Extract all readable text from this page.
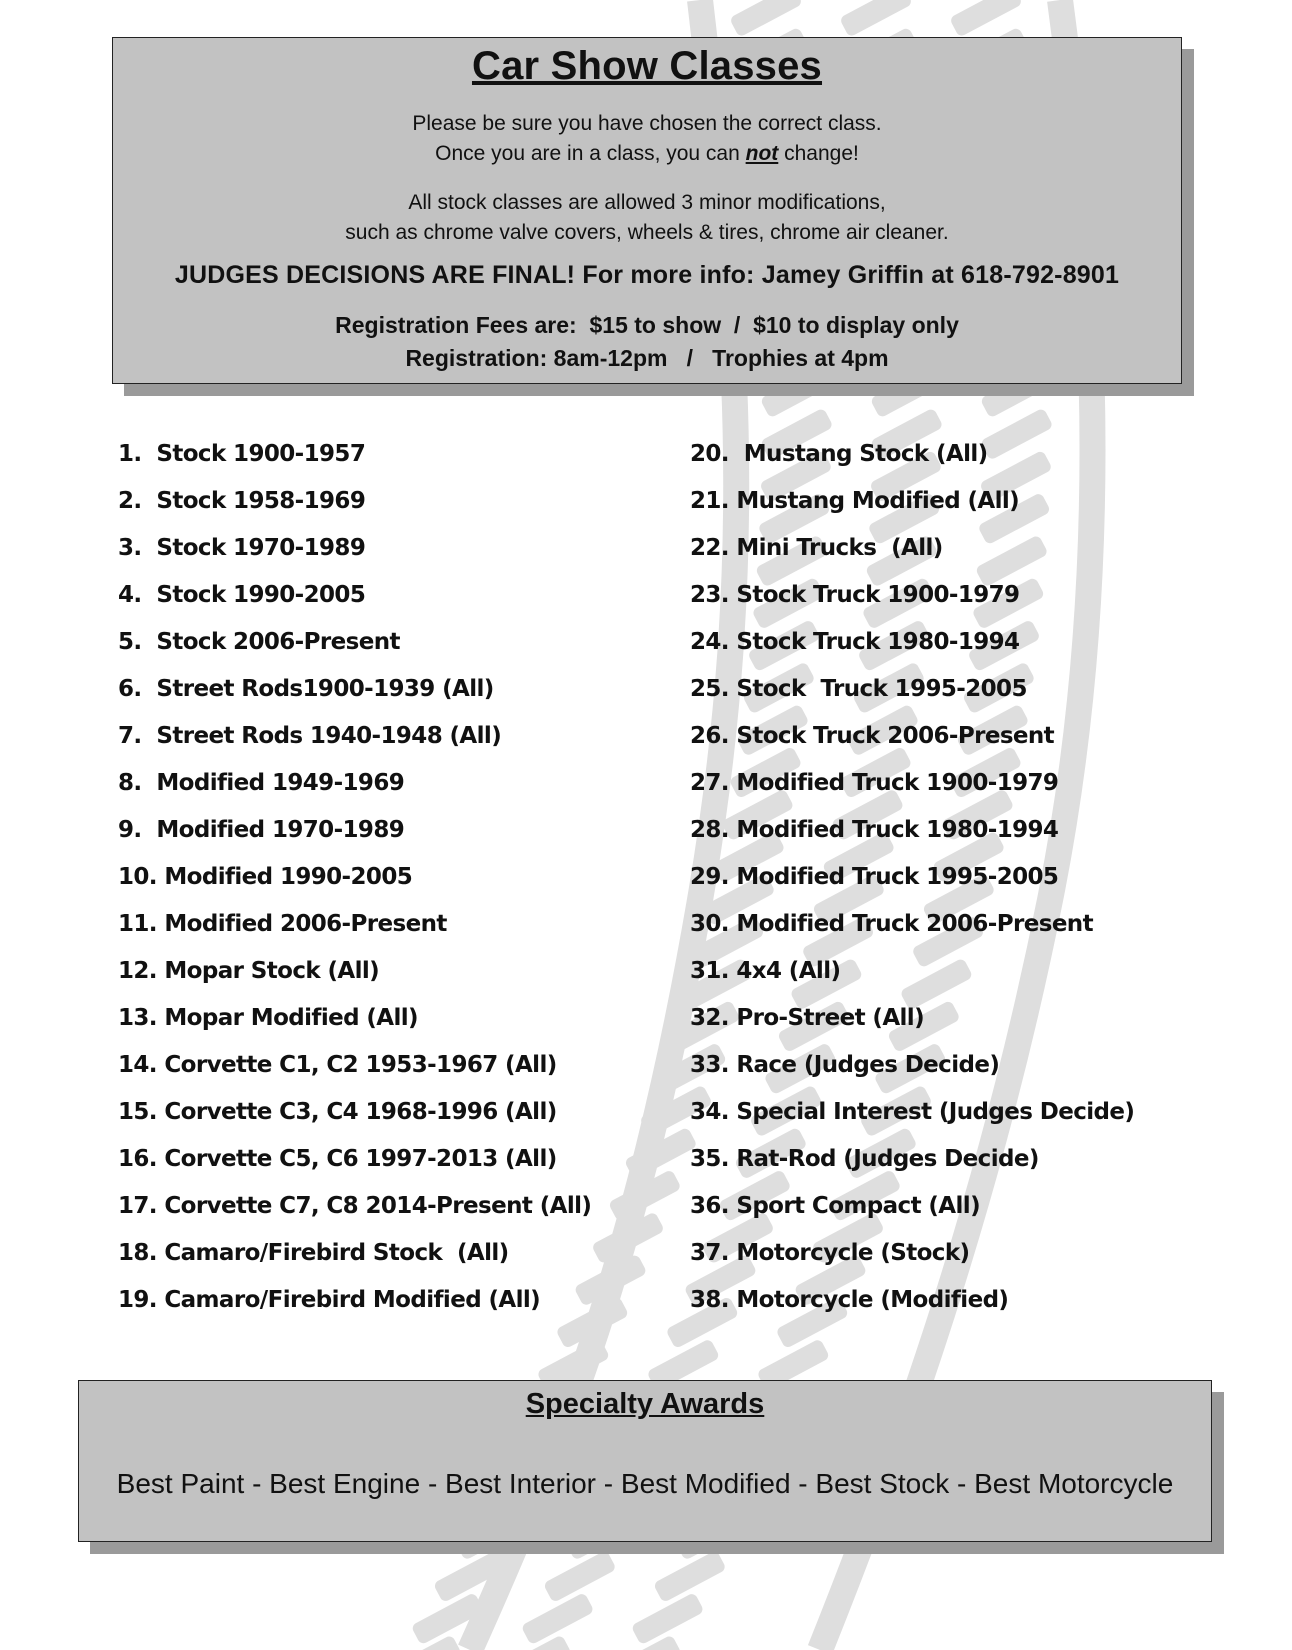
Car Show Classes
Please be sure you have chosen the correct class.
Once you are in a class, you can not change!
All stock classes are allowed 3 minor modifications,
such as chrome valve covers, wheels & tires, chrome air cleaner.
JUDGES DECISIONS ARE FINAL! For more info: Jamey Griffin at 618-792-8901
Registration Fees are:  $15 to show  /  $10 to display only
Registration: 8am-12pm   /   Trophies at 4pm
1.  Stock 1900-1957
2.  Stock 1958-1969
3.  Stock 1970-1989
4.  Stock 1990-2005
5.  Stock 2006-Present
6.  Street Rods1900-1939 (All)
7.  Street Rods 1940-1948 (All)
8.  Modified 1949-1969
9.  Modified 1970-1989
10. Modified 1990-2005
11. Modified 2006-Present
12. Mopar Stock (All)
13. Mopar Modified (All)
14. Corvette C1, C2 1953-1967 (All)
15. Corvette C3, C4 1968-1996 (All)
16. Corvette C5, C6 1997-2013 (All)
17. Corvette C7, C8 2014-Present (All)
18. Camaro/Firebird Stock  (All)
19. Camaro/Firebird Modified (All)
20.  Mustang Stock (All)
21. Mustang Modified (All)
22. Mini Trucks  (All)
23. Stock Truck 1900-1979
24. Stock Truck 1980-1994
25. Stock  Truck 1995-2005
26. Stock Truck 2006-Present
27. Modified Truck 1900-1979
28. Modified Truck 1980-1994
29. Modified Truck 1995-2005
30. Modified Truck 2006-Present
31. 4x4 (All)
32. Pro-Street (All)
33. Race (Judges Decide)
34. Special Interest (Judges Decide)
35. Rat-Rod (Judges Decide)
36. Sport Compact (All)
37. Motorcycle (Stock)
38. Motorcycle (Modified)
Specialty Awards
Best Paint - Best Engine - Best Interior - Best Modified - Best Stock - Best Motorcycle
